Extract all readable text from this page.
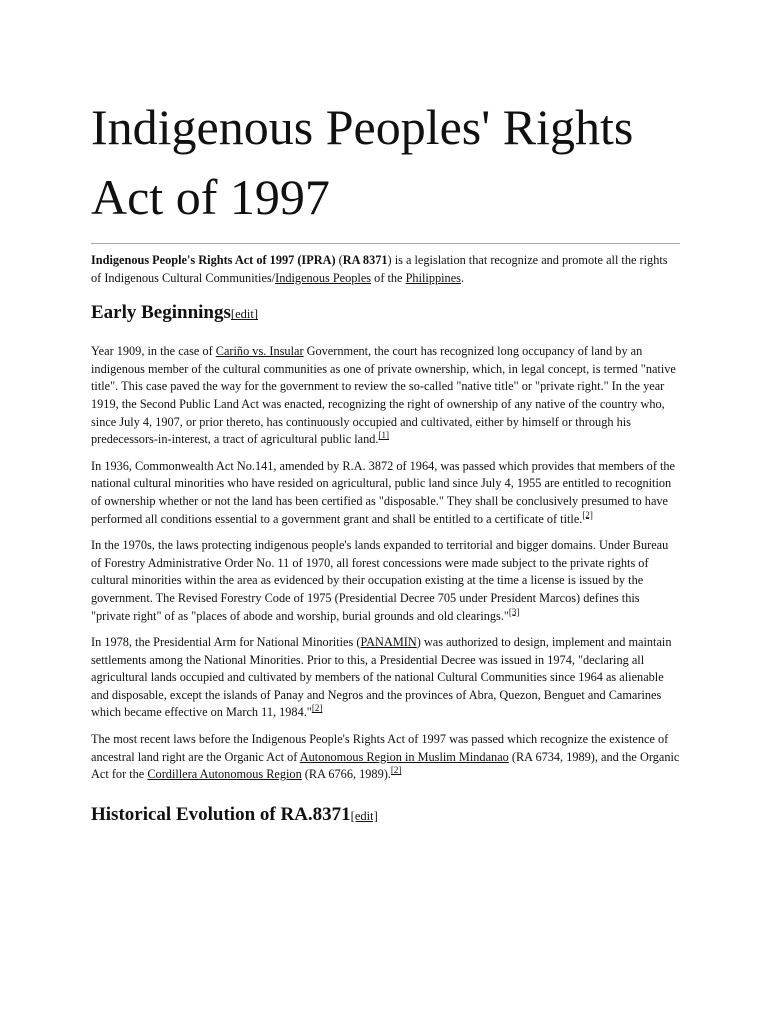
Indigenous Peoples' Rights Act of 1997

Indigenous People's Rights Act of 1997 (IPRA) (RA 8371) is a legislation that recognize and promote all the rights of Indigenous Cultural Communities/Indigenous Peoples of the Philippines.

Early Beginnings[edit]

Year 1909, in the case of Cariño vs. Insular Government, the court has recognized long occupancy of land by an indigenous member of the cultural communities as one of private ownership, which, in legal concept, is termed "native title". This case paved the way for the government to review the so-called "native title" or "private right." In the year 1919, the Second Public Land Act was enacted, recognizing the right of ownership of any native of the country who, since July 4, 1907, or prior thereto, has continuously occupied and cultivated, either by himself or through his predecessors-in-interest, a tract of agricultural public land.[1]

In 1936, Commonwealth Act No.141, amended by R.A. 3872 of 1964, was passed which provides that members of the national cultural minorities who have resided on agricultural, public land since July 4, 1955 are entitled to recognition of ownership whether or not the land has been certified as "disposable." They shall be conclusively presumed to have performed all conditions essential to a government grant and shall be entitled to a certificate of title.[2]

In the 1970s, the laws protecting indigenous people's lands expanded to territorial and bigger domains. Under Bureau of Forestry Administrative Order No. 11 of 1970, all forest concessions were made subject to the private rights of cultural minorities within the area as evidenced by their occupation existing at the time a license is issued by the government. The Revised Forestry Code of 1975 (Presidential Decree 705 under President Marcos) defines this "private right" of as "places of abode and worship, burial grounds and old clearings."[3]

In 1978, the Presidential Arm for National Minorities (PANAMIN) was authorized to design, implement and maintain settlements among the National Minorities. Prior to this, a Presidential Decree was issued in 1974, "declaring all agricultural lands occupied and cultivated by members of the national Cultural Communities since 1964 as alienable and disposable, except the islands of Panay and Negros and the provinces of Abra, Quezon, Benguet and Camarines which became effective on March 11, 1984."[2]

The most recent laws before the Indigenous People's Rights Act of 1997 was passed which recognize the existence of ancestral land right are the Organic Act of Autonomous Region in Muslim Mindanao (RA 6734, 1989), and the Organic Act for the Cordillera Autonomous Region (RA 6766, 1989).[2]

Historical Evolution of RA.8371[edit]
